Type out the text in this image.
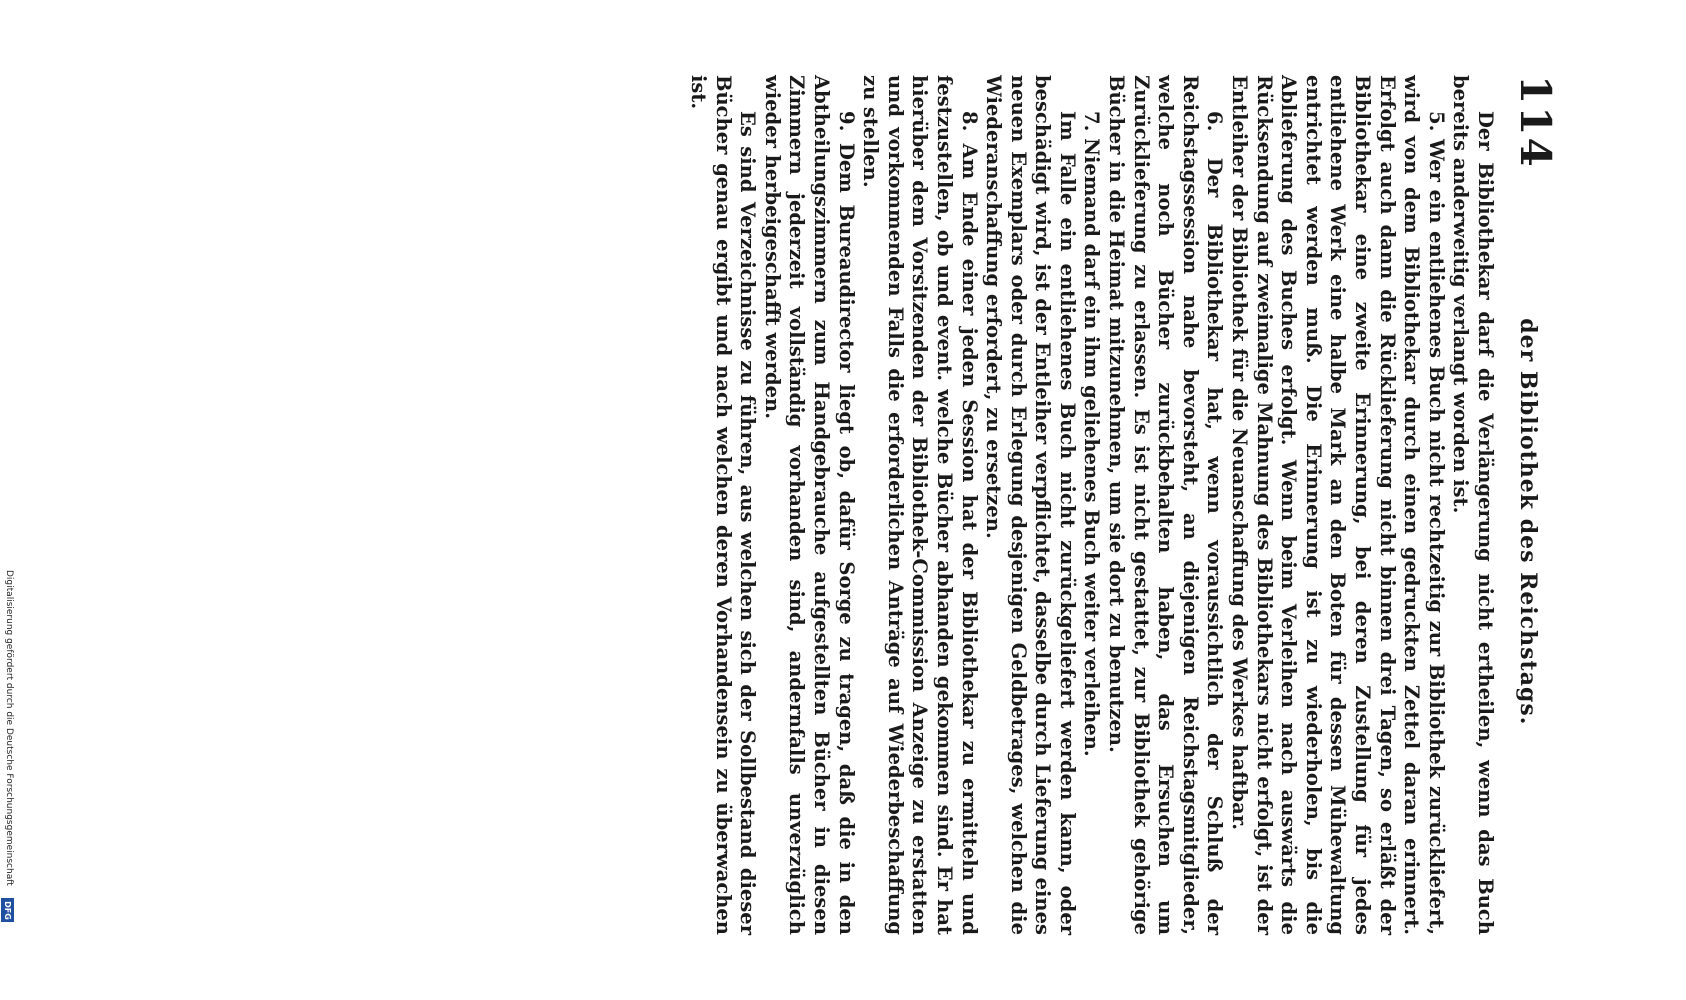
Digitalisierung gefördert durch die Deutsche Forschungsgemeinschaft
DFG
114
der Bibliothek des Reichstags.

Der Bibliothekar darf die Verlängerung nicht ertheilen, wenn das Buch bereits anderweitig verlangt worden ist.

5. Wer ein entliehenes Buch nicht rechtzeitig zur Bibliothek zurückliefert, wird von dem Bibliothekar durch einen gedruckten Zettel daran erinnert. Erfolgt auch dann die Rücklieferung nicht binnen drei Tagen, so erläßt der Bibliothekar eine zweite Erinnerung, bei deren Zustellung für jedes entliehene Werk eine halbe Mark an den Boten für dessen Mühewaltung entrichtet werden muß. Die Erinnerung ist zu wiederholen, bis die Ablieferung des Buches erfolgt. Wenn beim Verleihen nach auswärts die Rücksendung auf zweimalige Mahnung des Bibliothekars nicht erfolgt, ist der Entleiher der Bibliothek für die Neuanschaffung des Werkes haftbar.

6. Der Bibliothekar hat, wenn voraussichtlich der Schluß der Reichstagssession nahe bevorsteht, an diejenigen Reichstagsmitglieder, welche noch Bücher zurückbehalten haben, das Ersuchen um Zurücklieferung zu erlassen. Es ist nicht gestattet, zur Bibliothek gehörige Bücher in die Heimat mitzunehmen, um sie dort zu benutzen.

7. Niemand darf ein ihm geliehenes Buch weiter verleihen.

Im Falle ein entliehenes Buch nicht zurückgeliefert werden kann, oder beschädigt wird, ist der Entleiher verpflichtet, dasselbe durch Lieferung eines neuen Exemplars oder durch Erlegung desjenigen Geldbetrages, welchen die Wiederanschaffung erfordert, zu ersetzen.

8. Am Ende einer jeden Session hat der Bibliothekar zu ermitteln und festzustellen, ob und event. welche Bücher abhanden gekommen sind. Er hat hierüber dem Vorsitzenden der Bibliothek-Commission Anzeige zu erstatten und vorkommenden Falls die erforderlichen Anträge auf Wiederbeschaffung zu stellen.

9. Dem Bureaudirector liegt ob, dafür Sorge zu tragen, daß die in den Abtheilungszimmern zum Handgebrauche aufgestellten Bücher in diesen Zimmern jederzeit vollständig vorhanden sind, andernfalls unverzüglich wieder herbeigeschafft werden.

Es sind Verzeichnisse zu führen, aus welchen sich der Sollbestand dieser Bücher genau ergibt und nach welchen deren Vorhandensein zu überwachen ist.
